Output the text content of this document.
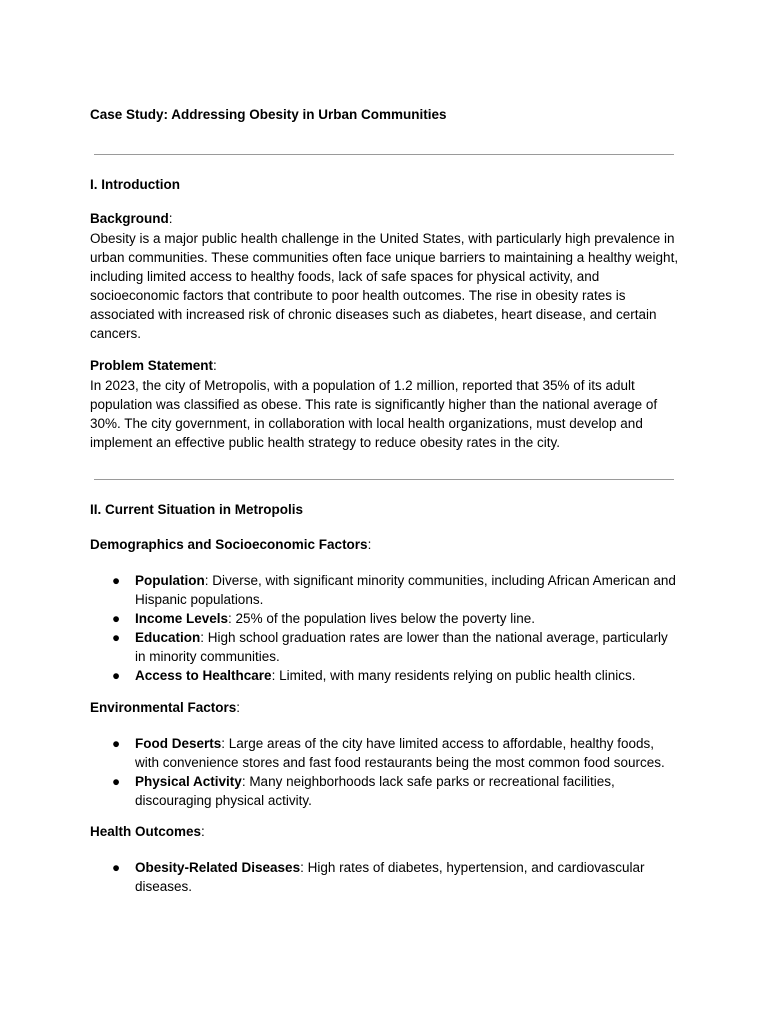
Case Study: Addressing Obesity in Urban Communities
I. Introduction
Background:
Obesity is a major public health challenge in the United States, with particularly high prevalence in urban communities. These communities often face unique barriers to maintaining a healthy weight, including limited access to healthy foods, lack of safe spaces for physical activity, and socioeconomic factors that contribute to poor health outcomes. The rise in obesity rates is associated with increased risk of chronic diseases such as diabetes, heart disease, and certain cancers.
Problem Statement:
In 2023, the city of Metropolis, with a population of 1.2 million, reported that 35% of its adult population was classified as obese. This rate is significantly higher than the national average of 30%. The city government, in collaboration with local health organizations, must develop and implement an effective public health strategy to reduce obesity rates in the city.
II. Current Situation in Metropolis
Demographics and Socioeconomic Factors:
● Population: Diverse, with significant minority communities, including African American and Hispanic populations.
● Income Levels: 25% of the population lives below the poverty line.
● Education: High school graduation rates are lower than the national average, particularly in minority communities.
● Access to Healthcare: Limited, with many residents relying on public health clinics.
Environmental Factors:
● Food Deserts: Large areas of the city have limited access to affordable, healthy foods, with convenience stores and fast food restaurants being the most common food sources.
● Physical Activity: Many neighborhoods lack safe parks or recreational facilities, discouraging physical activity.
Health Outcomes:
● Obesity-Related Diseases: High rates of diabetes, hypertension, and cardiovascular diseases.
